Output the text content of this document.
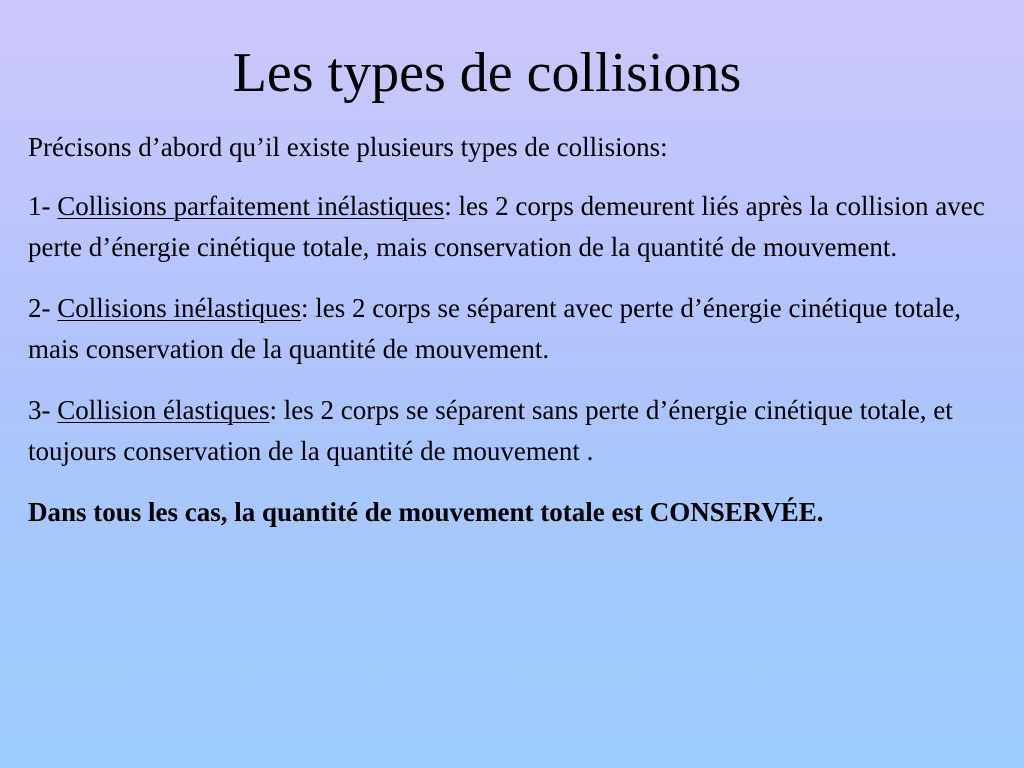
Les types de collisions

Précisons d’abord qu’il existe plusieurs types de collisions:

1- Collisions parfaitement inélastiques: les 2 corps demeurent liés après la collision avec perte d’énergie cinétique totale, mais conservation de la quantité de mouvement.

2- Collisions inélastiques: les 2 corps se séparent avec perte d’énergie cinétique totale, mais conservation de la quantité de mouvement.

3- Collision élastiques: les 2 corps se séparent sans perte d’énergie cinétique totale, et toujours conservation de la quantité de mouvement .

Dans tous les cas, la quantité de mouvement totale est CONSERVÉE.
